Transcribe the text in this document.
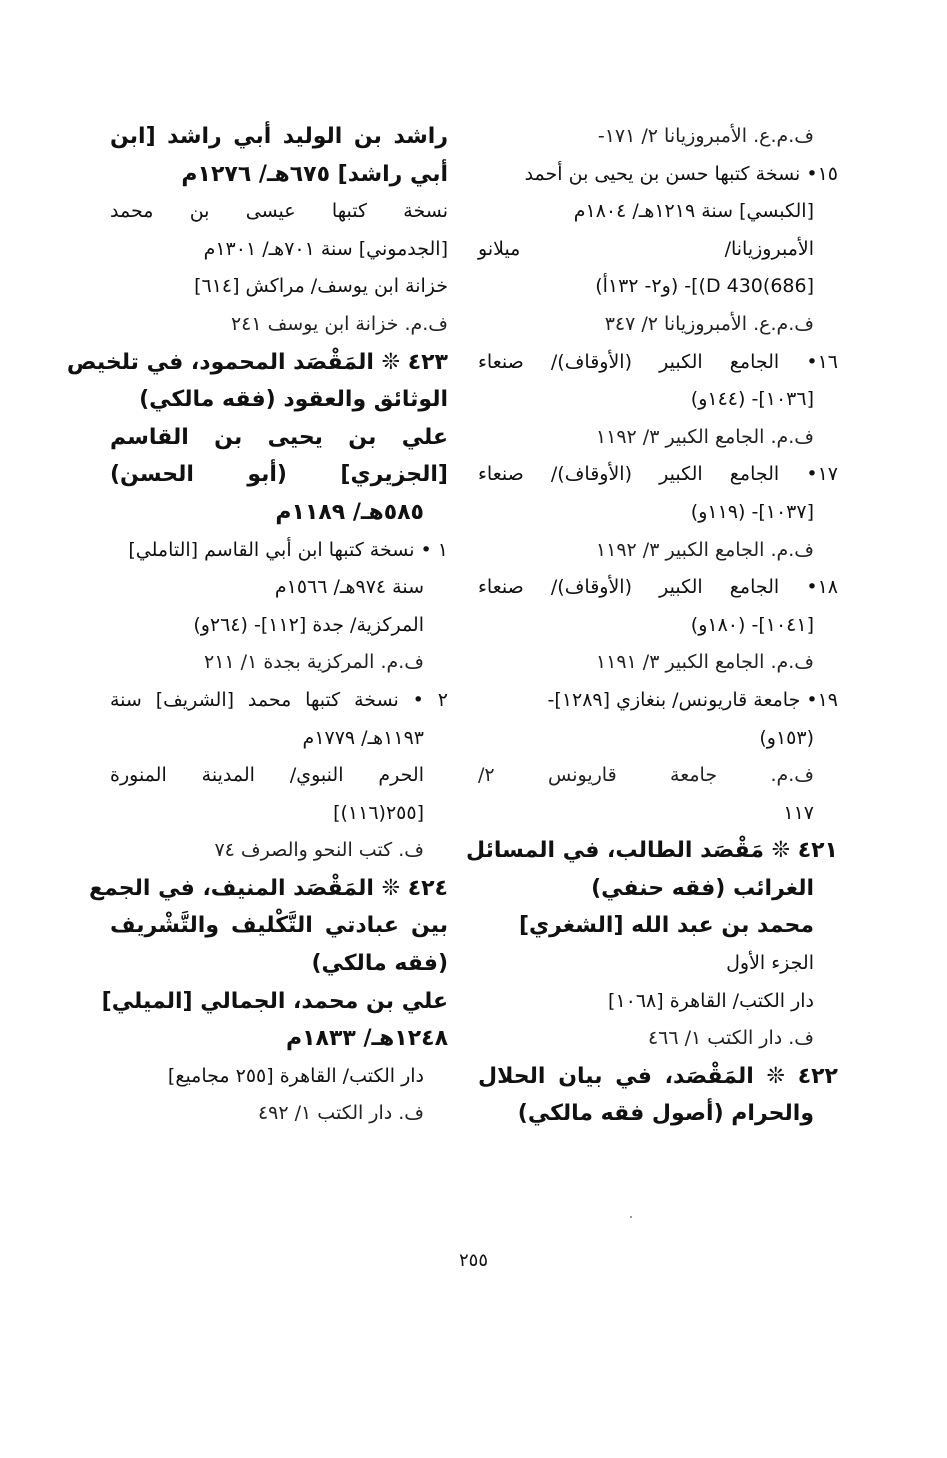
ف.م.ع. الأمبروزيانا ٢/ ١٧١-
١٥• نسخة كتبها حسن بن يحيى بن أحمد
[الكبسي] سنة ١٢١٩هـ/ ١٨٠٤م
الأمبروزيانا/ ميلانو
[686)D 430)]- (و٢- ١٣٢أ)
ف.م.ع. الأمبروزيانا ٢/ ٣٤٧
١٦• الجامع الكبير (الأوقاف)/ صنعاء
[١٠٣٦]- (١٤٤و)
ف.م. الجامع الكبير ٣/ ١١٩٢
١٧• الجامع الكبير (الأوقاف)/ صنعاء
[١٠٣٧]- (١١٩و)
ف.م. الجامع الكبير ٣/ ١١٩٢
١٨• الجامع الكبير (الأوقاف)/ صنعاء
[١٠٤١]- (١٨٠و)
ف.م. الجامع الكبير ٣/ ١١٩١
١٩• جامعة قاريونس/ بنغازي [١٢٨٩]-
(١٥٣و)
ف.م. جامعة قاريونس ٢/
١١٧
٤٢١ ❊ مَقْصَد الطالب، في المسائل
الغرائب (فقه حنفي)
محمد بن عبد الله [الشغري]
الجزء الأول
دار الكتب/ القاهرة [١٠٦٨]
ف. دار الكتب ١/ ٤٦٦
٤٢٢ ❊ المَقْصَد، في بيان الحلال
والحرام (أصول فقه مالكي)
راشد بن الوليد أبي راشد [ابن
أبي راشد] ٦٧٥هـ/ ١٢٧٦م
نسخة كتبها عيسى بن محمد
[الجدموني] سنة ٧٠١هـ/ ١٣٠١م
خزانة ابن يوسف/ مراكش [٦١٤]
ف.م. خزانة ابن يوسف ٢٤١
٤٢٣ ❊ المَقْصَد المحمود، في تلخيص
الوثائق والعقود (فقه مالكي)
علي بن يحيى بن القاسم
[الجزيري] (أبو الحسن)
٥٨٥هـ/ ١١٨٩م
١ • نسخة كتبها ابن أبي القاسم [التاملي]
سنة ٩٧٤هـ/ ١٥٦٦م
المركزية/ جدة [١١٢]- (٢٦٤و)
ف.م. المركزية بجدة ١/ ٢١١
٢ • نسخة كتبها محمد [الشريف] سنة
١١٩٣هـ/ ١٧٧٩م
الحرم النبوي/ المدينة المنورة
[٢٥٥(١١٦)]
ف. كتب النحو والصرف ٧٤
٤٢٤ ❊ المَقْصَد المنيف، في الجمع
بين عبادتي التَّكْليف والتَّشْريف
(فقه مالكي)
علي بن محمد، الجمالي [الميلي]
١٢٤٨هـ/ ١٨٣٣م
دار الكتب/ القاهرة [٢٥٥ مجاميع]
ف. دار الكتب ١/ ٤٩٢
٢٥٥
